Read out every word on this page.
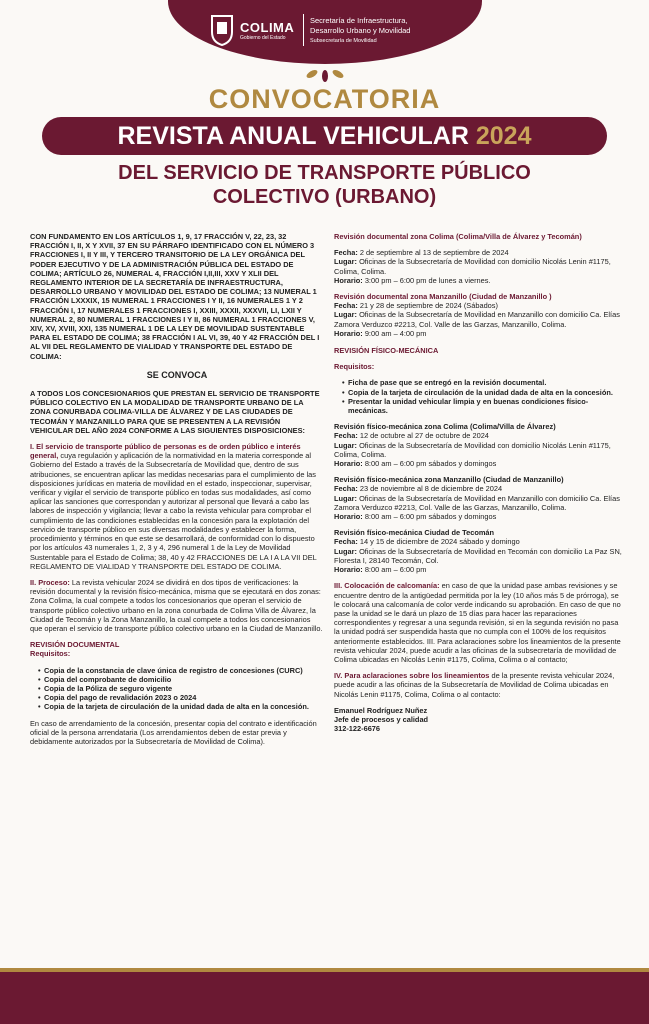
COLIMA
Gobierno del Estado
Secretaría de Infraestructura,
Desarrollo Urbano y Movilidad
Subsecretaría de Movilidad
CONVOCATORIA
REVISTA ANUAL VEHICULAR 2024
DEL SERVICIO DE TRANSPORTE PÚBLICO
COLECTIVO (URBANO)

CON FUNDAMENTO EN LOS ARTÍCULOS 1, 9, 17 FRACCIÓN V, 22, 23, 32 FRACCIÓN I, II, X Y XVII, 37 EN SU PÁRRAFO IDENTIFICADO CON EL NÚMERO 3 FRACCIONES I, II Y III, Y TERCERO TRANSITORIO DE LA LEY ORGÁNICA DEL PODER EJECUTIVO Y DE LA ADMINISTRACIÓN PÚBLICA DEL ESTADO DE COLIMA; ARTÍCULO 26, NUMERAL 4, FRACCIÓN I,II,III, XXV Y XLII DEL REGLAMENTO INTERIOR DE LA SECRETARÍA DE INFRAESTRUCTURA, DESARROLLO URBANO Y MOVILIDAD DEL ESTADO DE COLIMA; 13 NUMERAL 1 FRACCIÓN LXXXIX, 15 NUMERAL 1 FRACCIONES I Y II, 16 NUMERALES 1 Y 2 FRACCIÓN I, 17 NUMERALES 1 FRACCIONES I, XXIII, XXXII, XXXVII, LI, LXII Y NUMERAL 2, 80 NUMERAL 1 FRACCIONES I Y II, 86 NUMERAL 1 FRACCIONES V, XIV, XV, XVIII, XXI, 135 NUMERAL 1 DE LA LEY DE MOVILIDAD SUSTENTABLE PARA EL ESTADO DE COLIMA; 38 FRACCIÓN I AL VI, 39, 40 Y 42 FRACCIÓN DEL I AL VII DEL REGLAMENTO DE VIALIDAD Y TRANSPORTE DEL ESTADO DE COLIMA:

SE CONVOCA

A TODOS LOS CONCESIONARIOS QUE PRESTAN EL SERVICIO DE TRANSPORTE PÚBLICO COLECTIVO EN LA MODALIDAD DE TRANSPORTE URBANO DE LA ZONA CONURBADA COLIMA-VILLA DE ÁLVAREZ Y DE LAS CIUDADES DE TECOMÁN Y MANZANILLO PARA QUE SE PRESENTEN A LA REVISIÓN VEHICULAR DEL AÑO 2024 CONFORME A LAS SIGUIENTES DISPOSICIONES:

I. El servicio de transporte público de personas es de orden público e interés general, cuya regulación y aplicación de la normatividad en la materia corresponde al Gobierno del Estado a través de la Subsecretaría de Movilidad que, dentro de sus atribuciones, se encuentran aplicar las medidas necesarias para el cumplimiento de las disposiciones jurídicas en materia de movilidad en el estado, inspeccionar, supervisar, verificar y vigilar el servicio de transporte público en todas sus modalidades, así como aplicar las sanciones que correspondan y autorizar al personal que llevará a cabo las labores de inspección y vigilancia; llevar a cabo la revista vehicular para comprobar el cumplimiento de las condiciones establecidas en la concesión para la explotación del servicio de transporte público en sus diversas modalidades y establecer la forma, procedimiento y términos en que este se desarrollará, de conformidad con lo dispuesto por los artículos 43 numerales 1, 2, 3 y 4, 296 numeral 1 de la Ley de Movilidad Sustentable para el Estado de Colima; 38, 40 y 42 FRACCIONES DE LA I A LA VII DEL REGLAMENTO DE VIALIDAD Y TRANSPORTE DEL ESTADO DE COLIMA.

II. Proceso: La revista vehicular 2024 se dividirá en dos tipos de verificaciones: la revisión documental y la revisión físico-mecánica, misma que se ejecutará en dos zonas: Zona Colima, la cual compete a todos los concesionarios que operan el servicio de transporte público colectivo urbano en la zona conurbada de Colima Villa de Álvarez, la Ciudad de Tecomán y la Zona Manzanillo, la cual compete a todos los concesionarios que operan el servicio de transporte público colectivo urbano en la Ciudad de Manzanillo.

REVISIÓN DOCUMENTAL

Requisitos:

• Copia de la constancia de clave única de registro de concesiones (CURC)
• Copia del comprobante de domicilio
• Copia de la Póliza de seguro vigente
• Copia del pago de revalidación 2023 o 2024
• Copia de la tarjeta de circulación de la unidad dada de alta en la concesión.

En caso de arrendamiento de la concesión, presentar copia del contrato e identificación oficial de la persona arrendataria (Los arrendamientos deben de estar previa y debidamente autorizados por la Subsecretaría de Movilidad de Colima).

Revisión documental zona Colima (Colima/Villa de Álvarez y Tecomán)

Fecha: 2 de septiembre al 13 de septiembre de 2024
Lugar: Oficinas de la Subsecretaría de Movilidad con domicilio Nicolás Lenin #1175, Colima, Colima.
Horario: 3:00 pm – 6:00 pm de lunes a viernes.

Revisión documental zona Manzanillo (Ciudad de Manzanillo )

Fecha: 21 y 28 de septiembre de 2024 (Sábados)
Lugar: Oficinas de la Subsecretaría de Movilidad en Manzanillo con domicilio Ca. Elías Zamora Verduzco #2213, Col. Valle de las Garzas, Manzanillo, Colima.
Horario: 9:00 am – 4:00 pm

REVISIÓN FÍSICO-MECÁNICA

Requisitos:

• Ficha de pase que se entregó en la revisión documental.
• Copia de la tarjeta de circulación de la unidad dada de alta en la concesión.
• Presentar la unidad vehicular limpia y en buenas condiciones físico-mecánicas.
Revisión físico-mecánica zona Colima (Colima/Villa de Álvarez)

Fecha: 12 de octubre al 27 de octubre de 2024
Lugar: Oficinas de la Subsecretaría de Movilidad con domicilio Nicolás Lenin #1175, Colima, Colima.
Horario: 8:00 am – 6:00 pm sábados y domingos

Revisión físico-mecánica zona Manzanillo (Ciudad de Manzanillo)

Fecha: 23 de noviembre al 8 de diciembre de 2024
Lugar: Oficinas de la Subsecretaría de Movilidad en Manzanillo con domicilio Ca. Elías Zamora Verduzco #2213, Col. Valle de las Garzas, Manzanillo, Colima.
Horario: 8:00 am – 6:00 pm sábados y domingos

Revisión físico-mecánica Ciudad de Tecomán

Fecha: 14 y 15 de diciembre de 2024 sábado y domingo
Lugar: Oficinas de la Subsecretaría de Movilidad en Tecomán con domicilio La Paz SN, Floresta I, 28140 Tecomán, Col.
Horario: 8:00 am – 6:00 pm

III. Colocación de calcomanía: en caso de que la unidad pase ambas revisiones y se encuentre dentro de la antigüedad permitida por la ley (10 años más 5 de prórroga), se le colocará una calcomanía de color verde indicando su aprobación. En caso de que no pase la unidad se le dará un plazo de 15 días para hacer las reparaciones correspondientes y regresar a una segunda revisión, si en la segunda revisión no pasa la unidad podrá ser suspendida hasta que no cumpla con el 100% de los requisitos anteriormente establecidos. III. Para aclaraciones sobre los lineamientos de la presente revista vehicular 2024, puede acudir a las oficinas de la subsecretaría de movilidad de Colima ubicadas en Nicolás Lenin #1175, Colima, Colima o al contacto;

IV. Para aclaraciones sobre los lineamientos de la presente revista vehicular 2024, puede acudir a las oficinas de la Subsecretaría de Movilidad de Colima ubicadas en Nicolás Lenin #1175, Colima, Colima o al contacto:

Emanuel Rodríguez Nuñez
Jefe de procesos y calidad
312-122-6676
